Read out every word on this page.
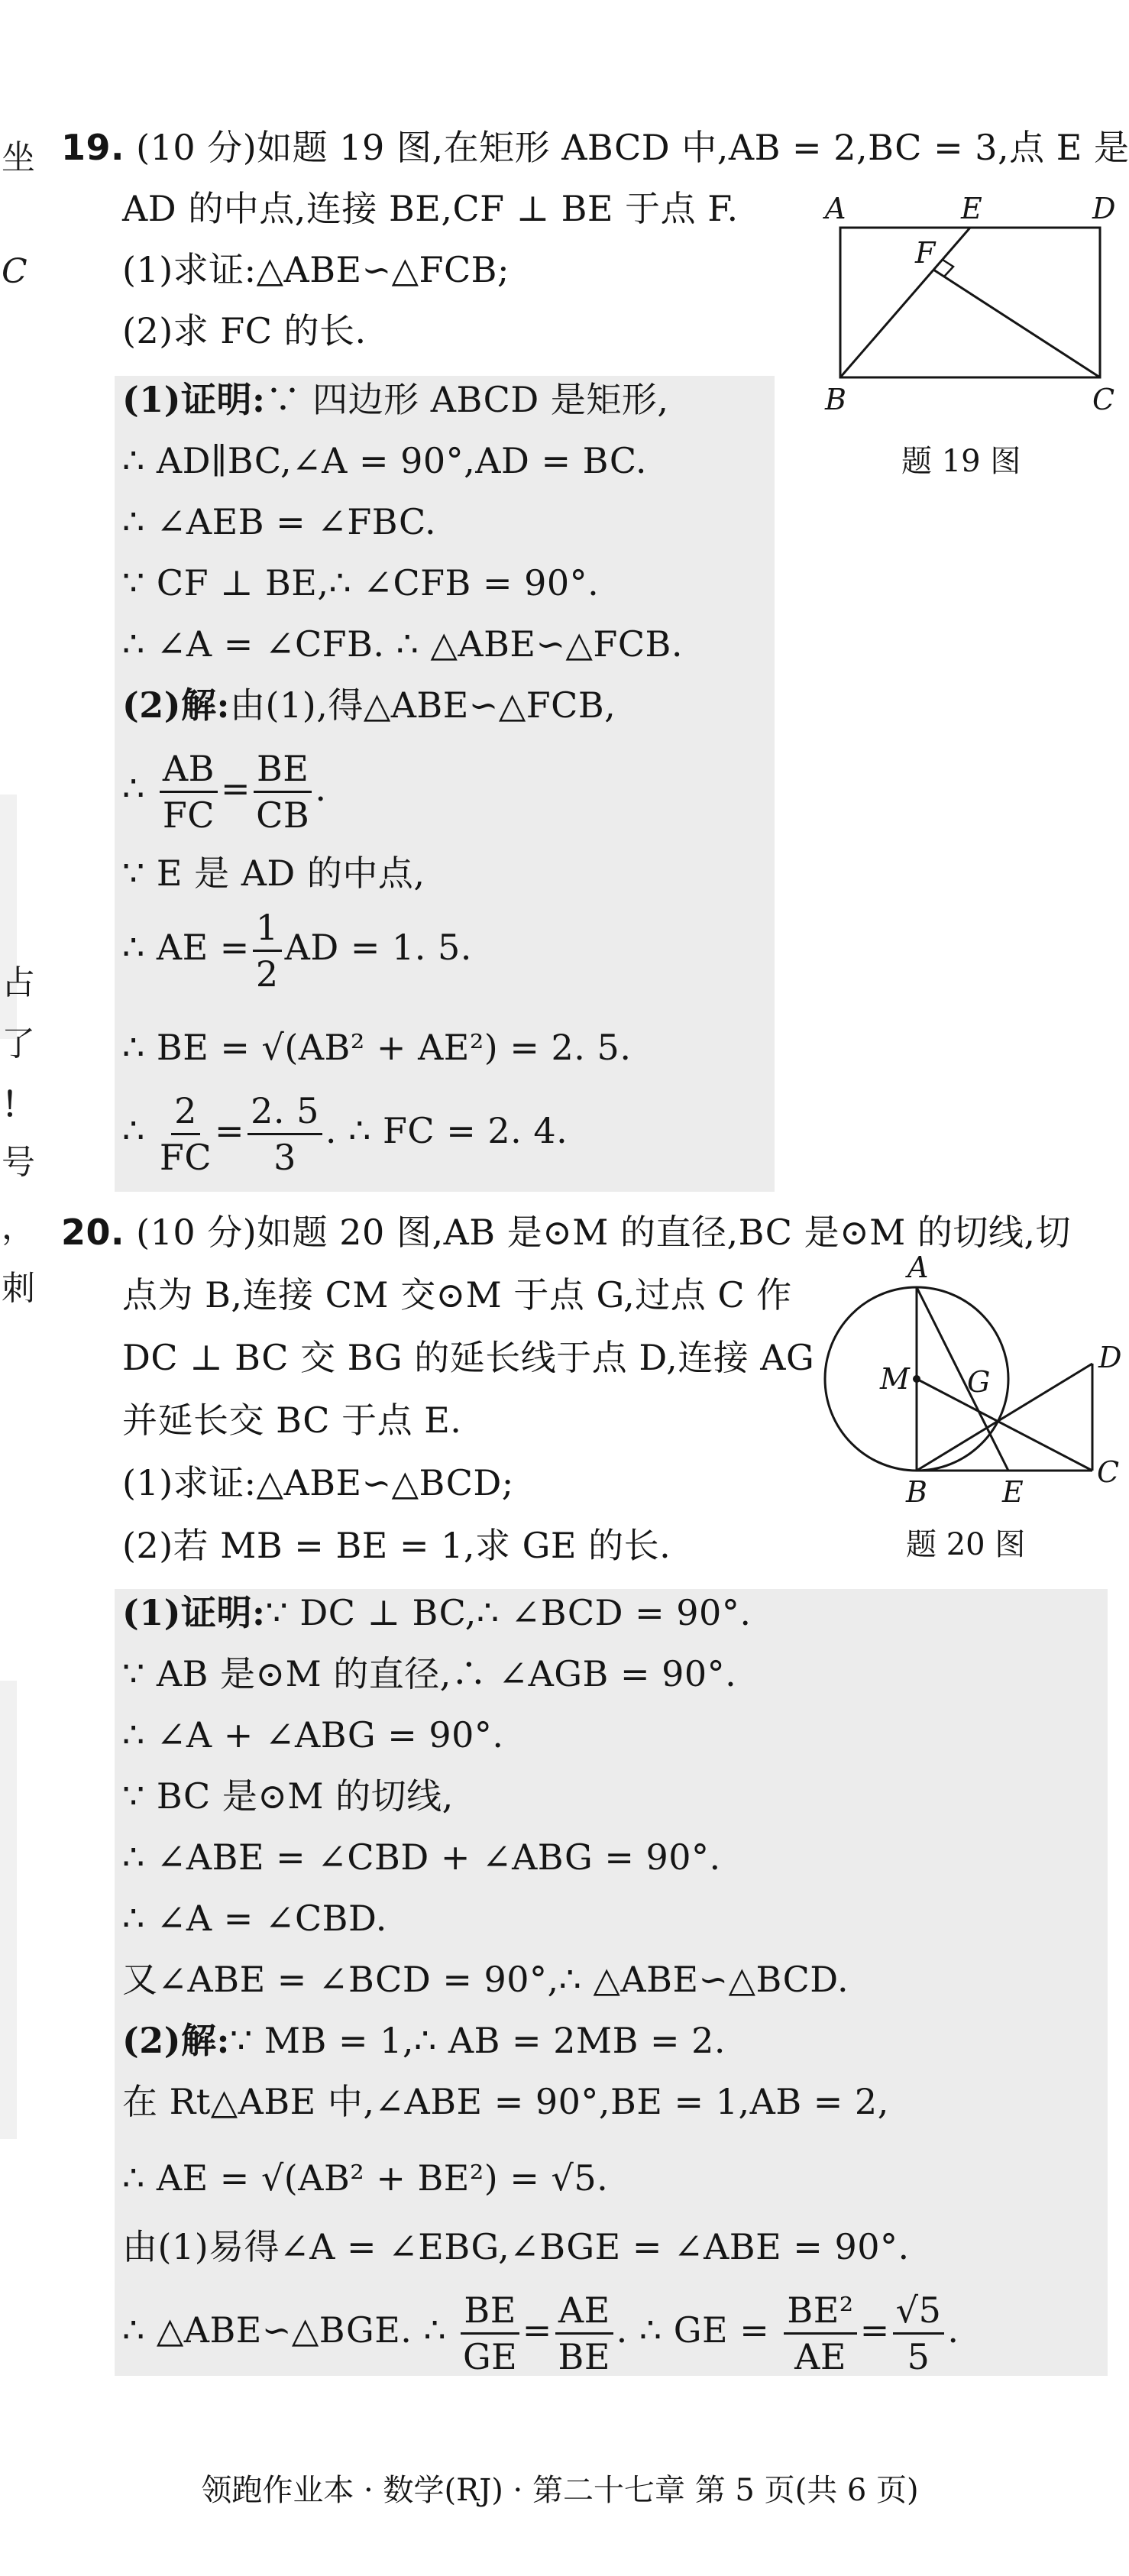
坐
C
占
了
！
号
，
刺
19. (10 分)如题 19 图,在矩形 ABCD 中,AB = 2,BC = 3,点 E 是
AD 的中点,连接 BE,CF ⊥ BE 于点 F.
(1)求证:△ABE∽△FCB;
(2)求 FC 的长.
(1)证明:∵ 四边形 ABCD 是矩形,
∴ AD∥BC,∠A = 90°,AD = BC.
∴ ∠AEB = ∠FBC.
∵ CF ⊥ BE,∴ ∠CFB = 90°.
∴ ∠A = ∠CFB. ∴ △ABE∽△FCB.
(2)解:由(1),得△ABE∽△FCB,
∴ $\frac{AB}{FC} = \frac{BE}{CB}$ .
∵ E 是 AD 的中点,
∴ AE = $\frac{1}{2}$ AD = 1. 5.
∴ BE = √(AB² + AE²) = 2. 5.
∴ $\frac{2}{FC} = \frac{2. 5}{3}$ . ∴ FC = 2. 4.
A	E	D
F
B	C
题 19 图
20. (10 分)如题 20 图,AB 是⊙M 的直径,BC 是⊙M 的切线,切
点为 B,连接 CM 交⊙M 于点 G,过点 C 作
DC ⊥ BC 交 BG 的延长线于点 D,连接 AG
并延长交 BC 于点 E.
(1)求证:△ABE∽△BCD;
(2)若 MB = BE = 1,求 GE 的长.
(1)证明:∵ DC ⊥ BC,∴ ∠BCD = 90°.
∵ AB 是⊙M 的直径,∴ ∠AGB = 90°.
∴ ∠A + ∠ABG = 90°.
∵ BC 是⊙M 的切线,
∴ ∠ABE = ∠CBD + ∠ABG = 90°.
∴ ∠A = ∠CBD.
又∠ABE = ∠BCD = 90°,∴ △ABE∽△BCD.
(2)解:∵ MB = 1,∴ AB = 2MB = 2.
在 Rt△ABE 中,∠ABE = 90°,BE = 1,AB = 2,
∴ AE = √(AB² + BE²) = √5.
由(1)易得∠A = ∠EBG,∠BGE = ∠ABE = 90°.
∴ △ABE∽△BGE. ∴ $\frac{BE}{GE} = \frac{AE}{BE}$ . ∴ GE = $\frac{\text{BE²}}{AE} = \frac{√5}{5}$ .
A
M G
D
B	E
C
题 20 图
领跑作业本 · 数学(RJ) · 第二十七章 第 5 页(共 6 页)
